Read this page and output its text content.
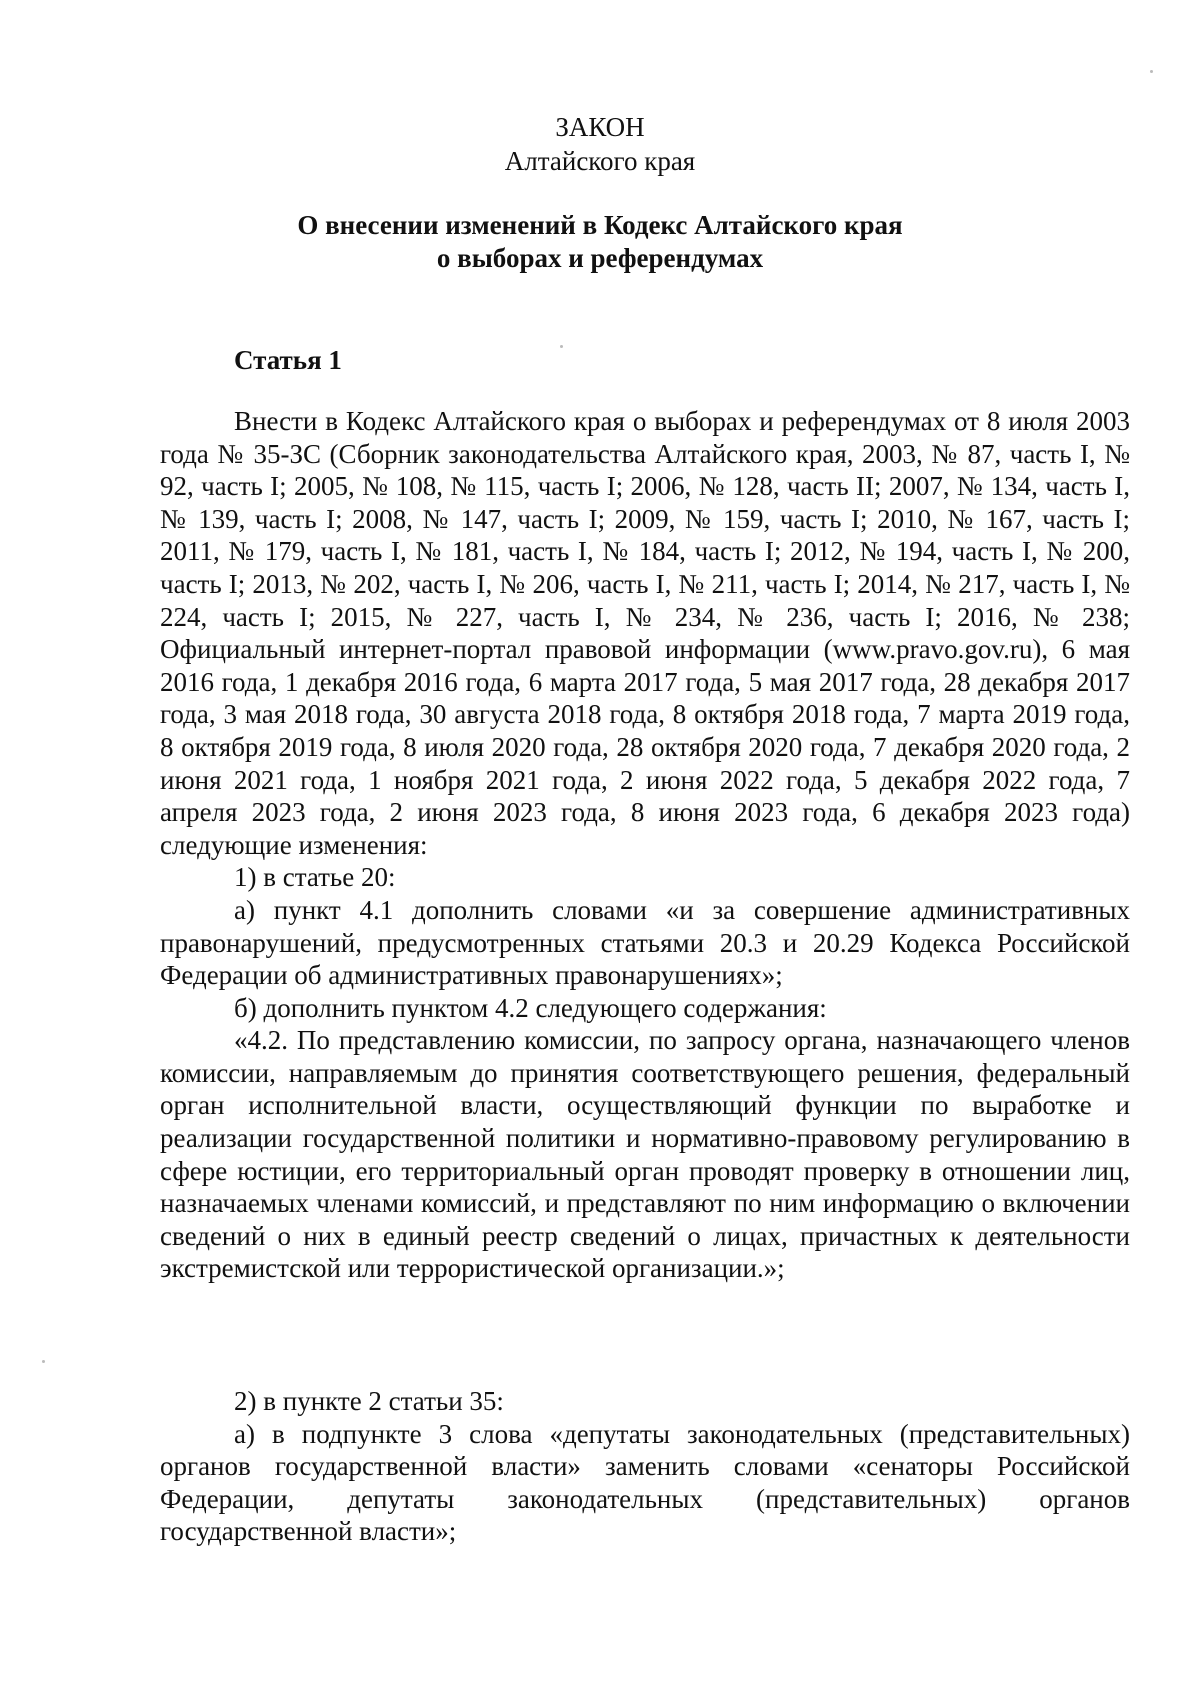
ЗАКОН
Алтайского края
О внесении изменений в Кодекс Алтайского края
о выборах и референдумах
Статья 1

Внести в Кодекс Алтайского края о выборах и референдумах от 8 июля 2003 года № 35-ЗС (Сборник законодательства Алтайского края, 2003, № 87, часть I, № 92, часть I; 2005, № 108, № 115, часть I; 2006, № 128, часть II; 2007, № 134, часть I, № 139, часть I; 2008, № 147, часть I; 2009, № 159, часть I; 2010, № 167, часть I; 2011, № 179, часть I, № 181, часть I, № 184, часть I; 2012, № 194, часть I, № 200, часть I; 2013, № 202, часть I, № 206, часть I, № 211, часть I; 2014, № 217, часть I, № 224, часть I; 2015, № 227, часть I, № 234, № 236, часть I; 2016, № 238; Официальный интернет-портал правовой информации (www.pravo.gov.ru), 6 мая 2016 года, 1 декабря 2016 года, 6 марта 2017 года, 5 мая 2017 года, 28 декабря 2017 года, 3 мая 2018 года, 30 августа 2018 года, 8 октября 2018 года, 7 марта 2019 года, 8 октября 2019 года, 8 июля 2020 года, 28 октября 2020 года, 7 декабря 2020 года, 2 июня 2021 года, 1 ноября 2021 года, 2 июня 2022 года, 5 декабря 2022 года, 7 апреля 2023 года, 2 июня 2023 года, 8 июня 2023 года, 6 декабря 2023 года) следующие изменения:

1) в статье 20:

а) пункт 4.1 дополнить словами «и за совершение административных правонарушений, предусмотренных статьями 20.3 и 20.29 Кодекса Российской Федерации об административных правонарушениях»;

б) дополнить пунктом 4.2 следующего содержания:

«4.2. По представлению комиссии, по запросу органа, назначающего членов комиссии, направляемым до принятия соответствующего решения, федеральный орган исполнительной власти, осуществляющий функции по выработке и реализации государственной политики и нормативно-правовому регулированию в сфере юстиции, его территориальный орган проводят проверку в отношении лиц, назначаемых членами комиссий, и представляют по ним информацию о включении сведений о них в единый реестр сведений о лицах, причастных к деятельности экстремистской или террористической организации.»;

2) в пункте 2 статьи 35:

а) в подпункте 3 слова «депутаты законодательных (представительных) органов государственной власти» заменить словами «сенаторы Российской Федерации, депутаты законодательных (представительных) органов государственной власти»;
